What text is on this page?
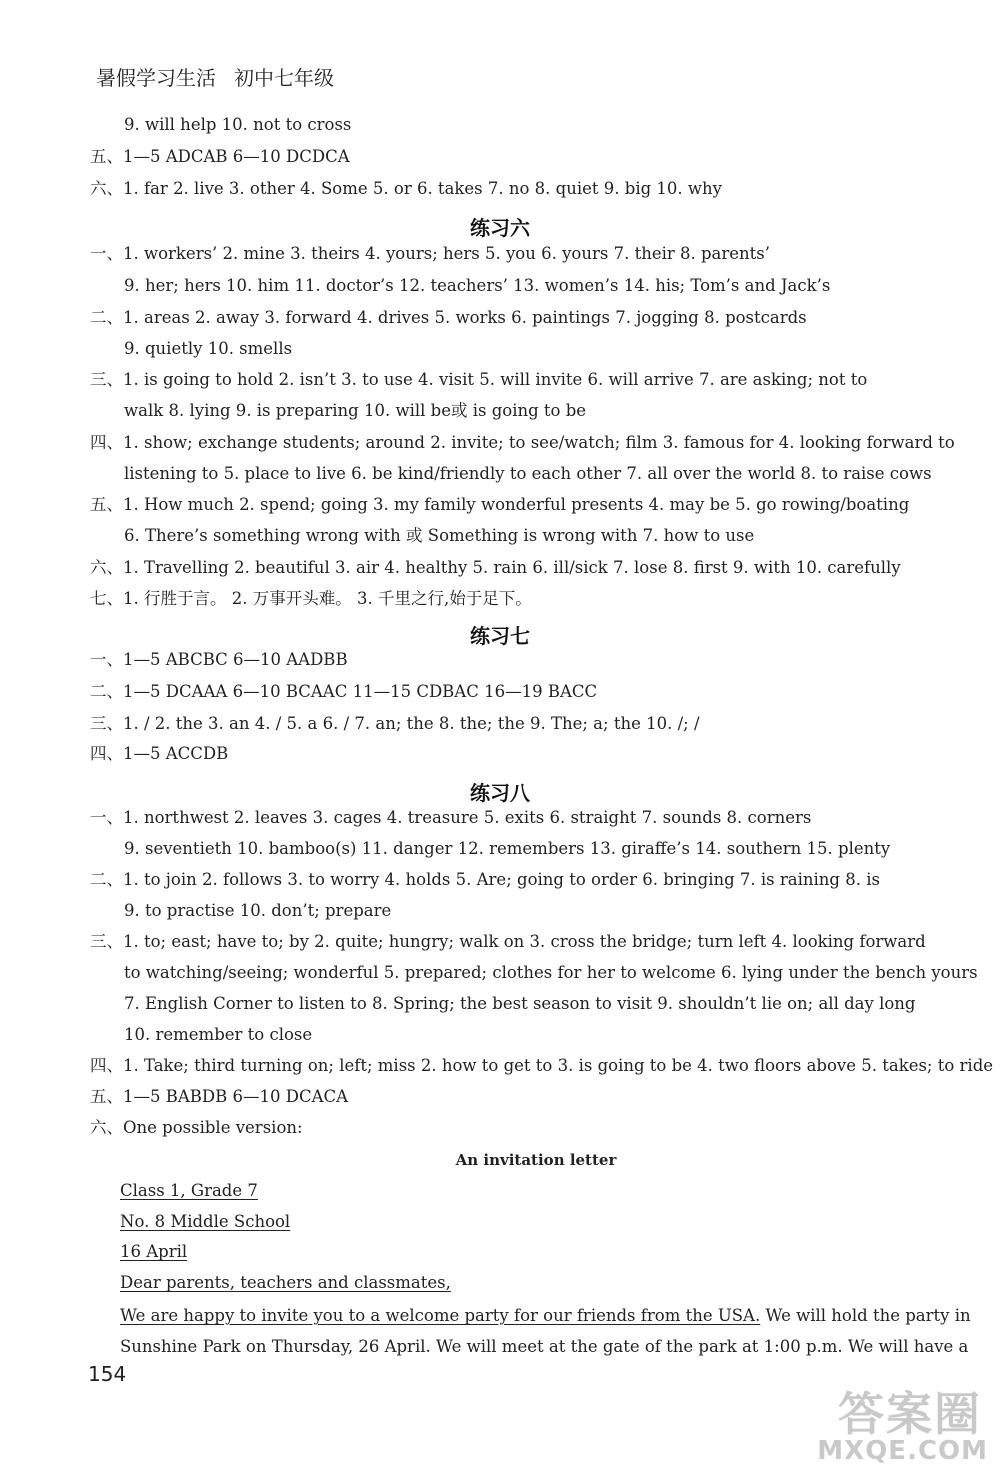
暑假学习生活 初中七年级
9. will help 10. not to cross
五、1—5 ADCAB 6—10 DCDCA
六、1. far 2. live 3. other 4. Some 5. or 6. takes 7. no 8. quiet 9. big 10. why
练习六
一、1. workers’ 2. mine 3. theirs 4. yours; hers 5. you 6. yours 7. their 8. parents’
9. her; hers 10. him 11. doctor’s 12. teachers’ 13. women’s 14. his; Tom’s and Jack’s
二、1. areas 2. away 3. forward 4. drives 5. works 6. paintings 7. jogging 8. postcards
9. quietly 10. smells
三、1. is going to hold 2. isn’t 3. to use 4. visit 5. will invite 6. will arrive 7. are asking; not to
walk 8. lying 9. is preparing 10. will be或 is going to be
四、1. show; exchange students; around 2. invite; to see/watch; film 3. famous for 4. looking forward to
listening to 5. place to live 6. be kind/friendly to each other 7. all over the world 8. to raise cows
五、1. How much 2. spend; going 3. my family wonderful presents 4. may be 5. go rowing/boating
6. There’s something wrong with 或 Something is wrong with 7. how to use
六、1. Travelling 2. beautiful 3. air 4. healthy 5. rain 6. ill/sick 7. lose 8. first 9. with 10. carefully
七、1. 行胜于言。 2. 万事开头难。 3. 千里之行,始于足下。
练习七
一、1—5 ABCBC 6—10 AADBB
二、1—5 DCAAA 6—10 BCAAC 11—15 CDBAC 16—19 BACC
三、1. / 2. the 3. an 4. / 5. a 6. / 7. an; the 8. the; the 9. The; a; the 10. /; /
四、1—5 ACCDB
练习八
一、1. northwest 2. leaves 3. cages 4. treasure 5. exits 6. straight 7. sounds 8. corners
9. seventieth 10. bamboo(s) 11. danger 12. remembers 13. giraffe’s 14. southern 15. plenty
二、1. to join 2. follows 3. to worry 4. holds 5. Are; going to order 6. bringing 7. is raining 8. is
9. to practise 10. don’t; prepare
三、1. to; east; have to; by 2. quite; hungry; walk on 3. cross the bridge; turn left 4. looking forward
to watching/seeing; wonderful 5. prepared; clothes for her to welcome 6. lying under the bench yours
7. English Corner to listen to 8. Spring; the best season to visit 9. shouldn’t lie on; all day long
10. remember to close
四、1. Take; third turning on; left; miss 2. how to get to 3. is going to be 4. two floors above 5. takes; to ride
五、1—5 BABDB 6—10 DCACA
六、One possible version:
An invitation letter
Class 1, Grade 7
No. 8 Middle School
16 April
Dear parents, teachers and classmates,
We are happy to invite you to a welcome party for our friends from the USA. We will hold the party in
Sunshine Park on Thursday, 26 April. We will meet at the gate of the park at 1:00 p.m. We will have a
154
答案圈
MXQE.COM
